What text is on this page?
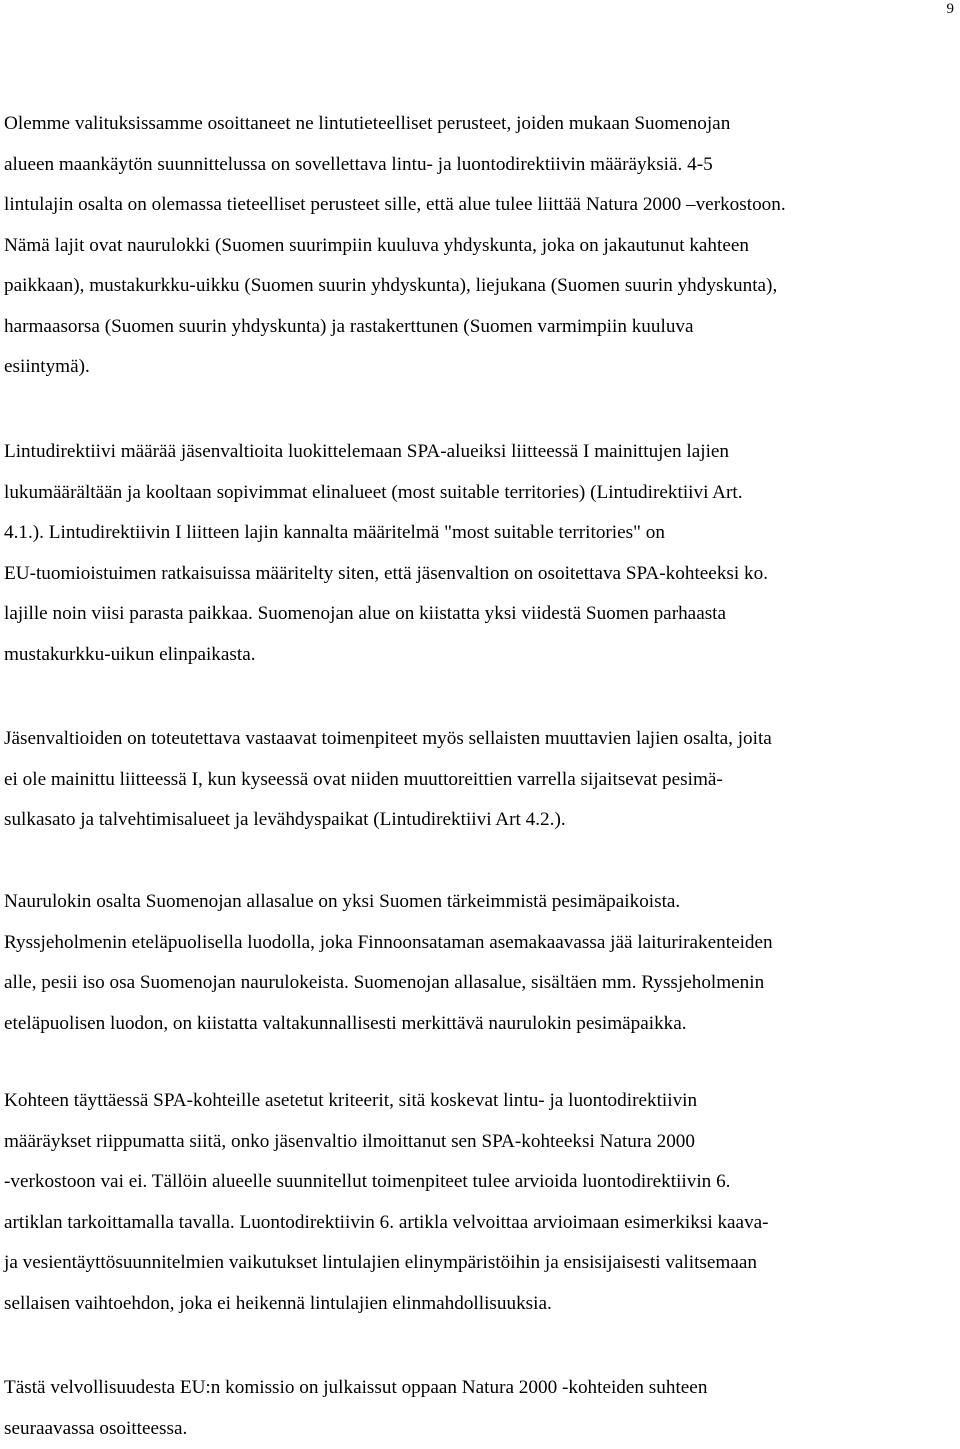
9
Olemme valituksissamme osoittaneet ne lintutieteelliset perusteet, joiden mukaan Suomenojan
alueen maankäytön suunnittelussa on sovellettava lintu- ja luontodirektiivin määräyksiä. 4-5
lintulajin osalta on olemassa tieteelliset perusteet sille, että alue tulee liittää Natura 2000 –verkostoon.
Nämä lajit ovat naurulokki (Suomen suurimpiin kuuluva yhdyskunta, joka on jakautunut kahteen
paikkaan), mustakurkku-uikku (Suomen suurin yhdyskunta), liejukana (Suomen suurin yhdyskunta),
harmaasorsa (Suomen suurin yhdyskunta) ja rastakerttunen (Suomen varmimpiin kuuluva
esiintymä).
Lintudirektiivi määrää jäsenvaltioita luokittelemaan SPA-alueiksi liitteessä I mainittujen lajien
lukumäärältään ja kooltaan sopivimmat elinalueet (most suitable territories) (Lintudirektiivi Art.
4.1.). Lintudirektiivin I liitteen lajin kannalta määritelmä "most suitable territories" on
EU-tuomioistuimen ratkaisuissa määritelty siten, että jäsenvaltion on osoitettava SPA-kohteeksi ko.
lajille noin viisi parasta paikkaa. Suomenojan alue on kiistatta yksi viidestä Suomen parhaasta
mustakurkku-uikun elinpaikasta.
Jäsenvaltioiden on toteutettava vastaavat toimenpiteet myös sellaisten muuttavien lajien osalta, joita
ei ole mainittu liitteessä I, kun kyseessä ovat niiden muuttoreittien varrella sijaitsevat pesimä-
sulkasato ja talvehtimisalueet ja levähdyspaikat (Lintudirektiivi Art 4.2.).
Naurulokin osalta Suomenojan allasalue on yksi Suomen tärkeimmistä pesimäpaikoista.
Ryssjeholmenin eteläpuolisella luodolla, joka Finnoonsataman asemakaavassa jää laiturirakenteiden
alle, pesii iso osa Suomenojan naurulokeista. Suomenojan allasalue, sisältäen mm. Ryssjeholmenin
eteläpuolisen luodon, on kiistatta valtakunnallisesti merkittävä naurulokin pesimäpaikka.
Kohteen täyttäessä SPA-kohteille asetetut kriteerit, sitä koskevat lintu- ja luontodirektiivin
määräykset riippumatta siitä, onko jäsenvaltio ilmoittanut sen SPA-kohteeksi Natura 2000
-verkostoon vai ei. Tällöin alueelle suunnitellut toimenpiteet tulee arvioida luontodirektiivin 6.
artiklan tarkoittamalla tavalla. Luontodirektiivin 6. artikla velvoittaa arvioimaan esimerkiksi kaava-
ja vesientäyttösuunnitelmien vaikutukset lintulajien elinympäristöihin ja ensisijaisesti valitsemaan
sellaisen vaihtoehdon, joka ei heikennä lintulajien elinmahdollisuuksia.
Tästä velvollisuudesta EU:n komissio on julkaissut oppaan Natura 2000 -kohteiden suhteen
seuraavassa osoitteessa.
